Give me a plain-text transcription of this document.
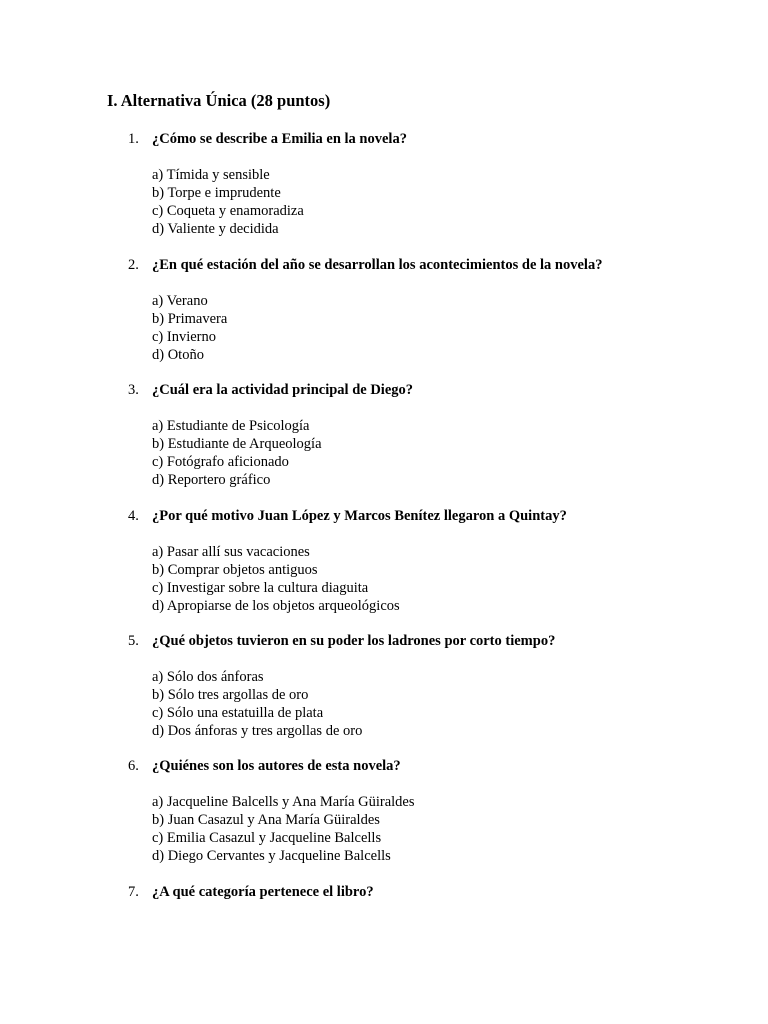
I. Alternativa Única (28 puntos)
1. ¿Cómo se describe a Emilia en la novela?
a) Tímida y sensible
b) Torpe e imprudente
c) Coqueta y enamoradiza
d) Valiente y decidida
2. ¿En qué estación del año se desarrollan los acontecimientos de la novela?
a) Verano
b) Primavera
c) Invierno
d) Otoño
3. ¿Cuál era la actividad principal de Diego?
a) Estudiante de Psicología
b) Estudiante de Arqueología
c) Fotógrafo aficionado
d) Reportero gráfico
4. ¿Por qué motivo Juan López y Marcos Benítez llegaron a Quintay?
a) Pasar allí sus vacaciones
b) Comprar objetos antiguos
c) Investigar sobre la cultura diaguita
d) Apropiarse de los objetos arqueológicos
5. ¿Qué objetos tuvieron en su poder los ladrones por corto tiempo?
a) Sólo dos ánforas
b) Sólo tres argollas de oro
c) Sólo una estatuilla de plata
d) Dos ánforas y tres argollas de oro
6. ¿Quiénes son los autores de esta novela?
a) Jacqueline Balcells y Ana María Güiraldes
b) Juan Casazul y Ana María Güiraldes
c) Emilia Casazul y Jacqueline Balcells
d) Diego Cervantes y Jacqueline Balcells
7. ¿A qué categoría pertenece el libro?
